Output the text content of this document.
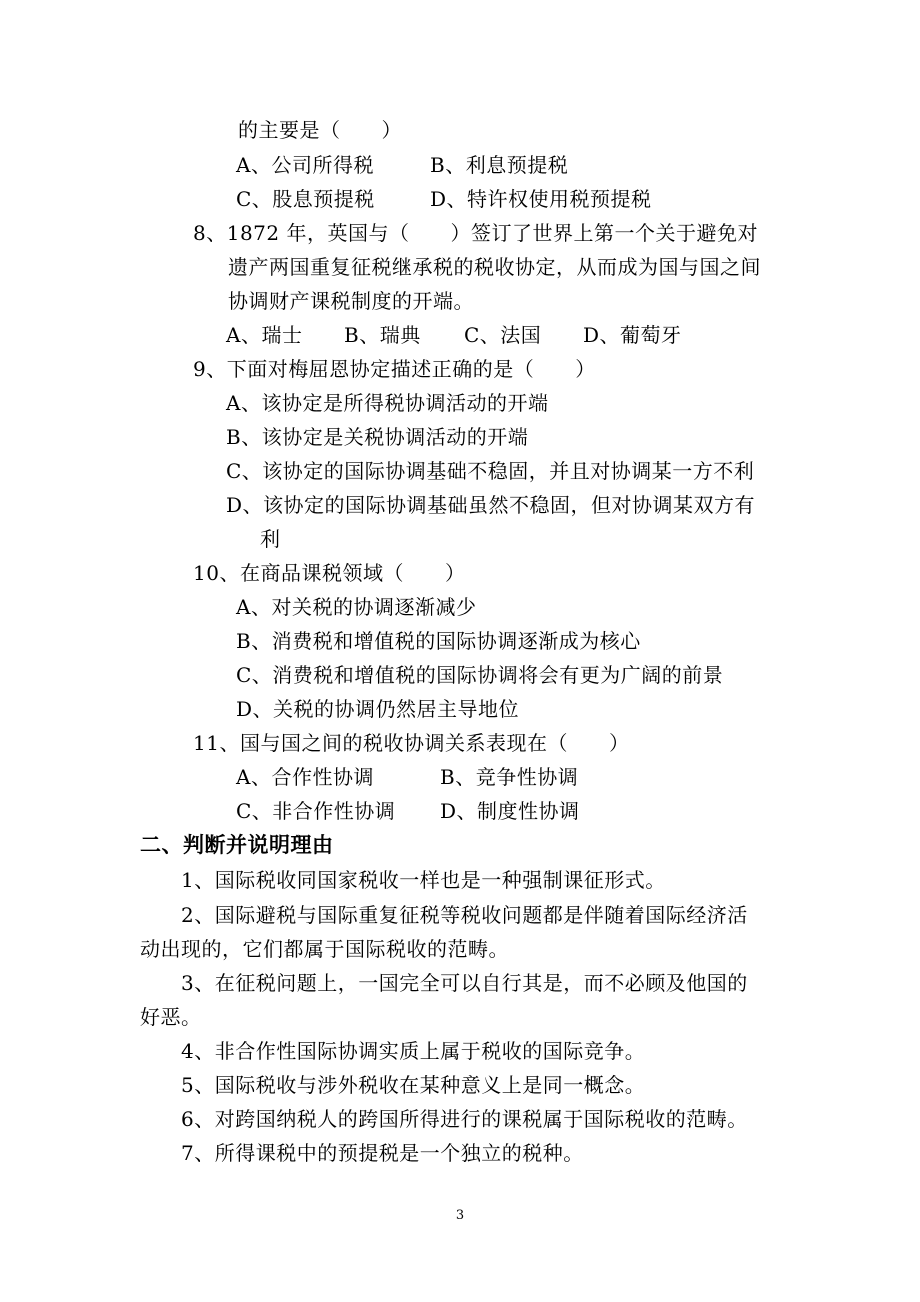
的主要是（　　）
A、公司所得税	B、利息预提税
C、股息预提税	D、特许权使用税预提税
8、1872 年，英国与（　　）签订了世界上第一个关于避免对
遗产两国重复征税继承税的税收协定，从而成为国与国之间
协调财产课税制度的开端。
A、瑞士 B、瑞典 C、法国 D、葡萄牙
9、下面对梅屈恩协定描述正确的是（　　）
A、该协定是所得税协调活动的开端
B、该协定是关税协调活动的开端
C、该协定的国际协调基础不稳固，并且对协调某一方不利
D、该协定的国际协调基础虽然不稳固，但对协调某双方有
利
10、在商品课税领域（　　）
A、对关税的协调逐渐减少
B、消费税和增值税的国际协调逐渐成为核心
C、消费税和增值税的国际协调将会有更为广阔的前景
D、关税的协调仍然居主导地位
11、国与国之间的税收协调关系表现在（　　）
A、合作性协调	B、竞争性协调
C、非合作性协调 D、制度性协调
二、判断并说明理由
1、国际税收同国家税收一样也是一种强制课征形式。
2、国际避税与国际重复征税等税收问题都是伴随着国际经济活
动出现的，它们都属于国际税收的范畴。
3、在征税问题上，一国完全可以自行其是，而不必顾及他国的
好恶。
4、非合作性国际协调实质上属于税收的国际竞争。
5、国际税收与涉外税收在某种意义上是同一概念。
6、对跨国纳税人的跨国所得进行的课税属于国际税收的范畴。
7、所得课税中的预提税是一个独立的税种。
3
